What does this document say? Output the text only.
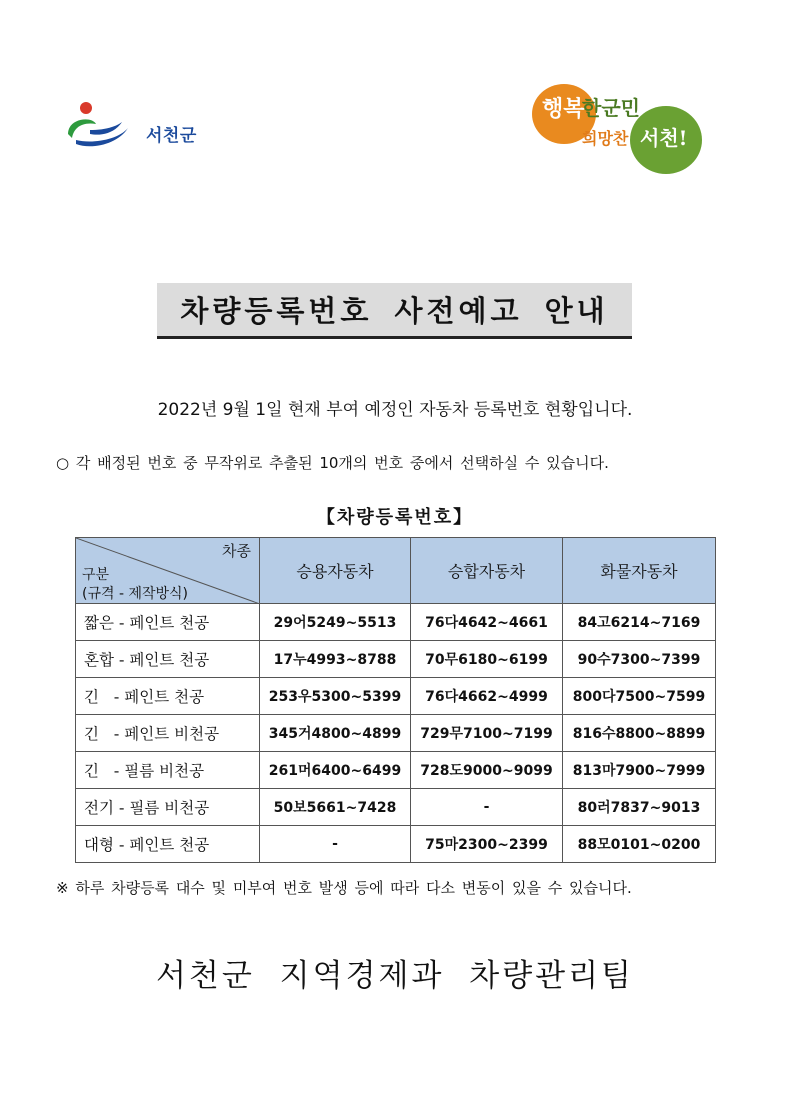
서천군
행복
한군민
희망찬 서천!
차량등록번호 사전예고 안내
2022년 9월 1일 현재 부여 예정인 자동차 등록번호 현황입니다.
○ 각 배정된 번호 중 무작위로 추출된 10개의 번호 중에서 선택하실 수 있습니다.
【차량등록번호】
차종
구분
(규격 - 제작방식)	승용자동차	승합자동차	화물자동차
짧은 - 페인트 천공	29어5249~5513	76다4642~4661	84고6214~7169
혼합 - 페인트 천공	17누4993~8788	70무6180~6199	90수7300~7399
긴   - 페인트 천공	253우5300~5399	76다4662~4999	800다7500~7599
긴   - 페인트 비천공	345거4800~4899	729무7100~7199	816수8800~8899
긴   - 필름 비천공	261머6400~6499	728도9000~9099	813마7900~7999
전기 - 필름 비천공	50보5661~7428	-	80러7837~9013
대형 - 페인트 천공	-	75마2300~2399	88모0101~0200
※ 하루 차량등록 대수 및 미부여 번호 발생 등에 따라 다소 변동이 있을 수 있습니다.
서천군 지역경제과 차량관리팀
